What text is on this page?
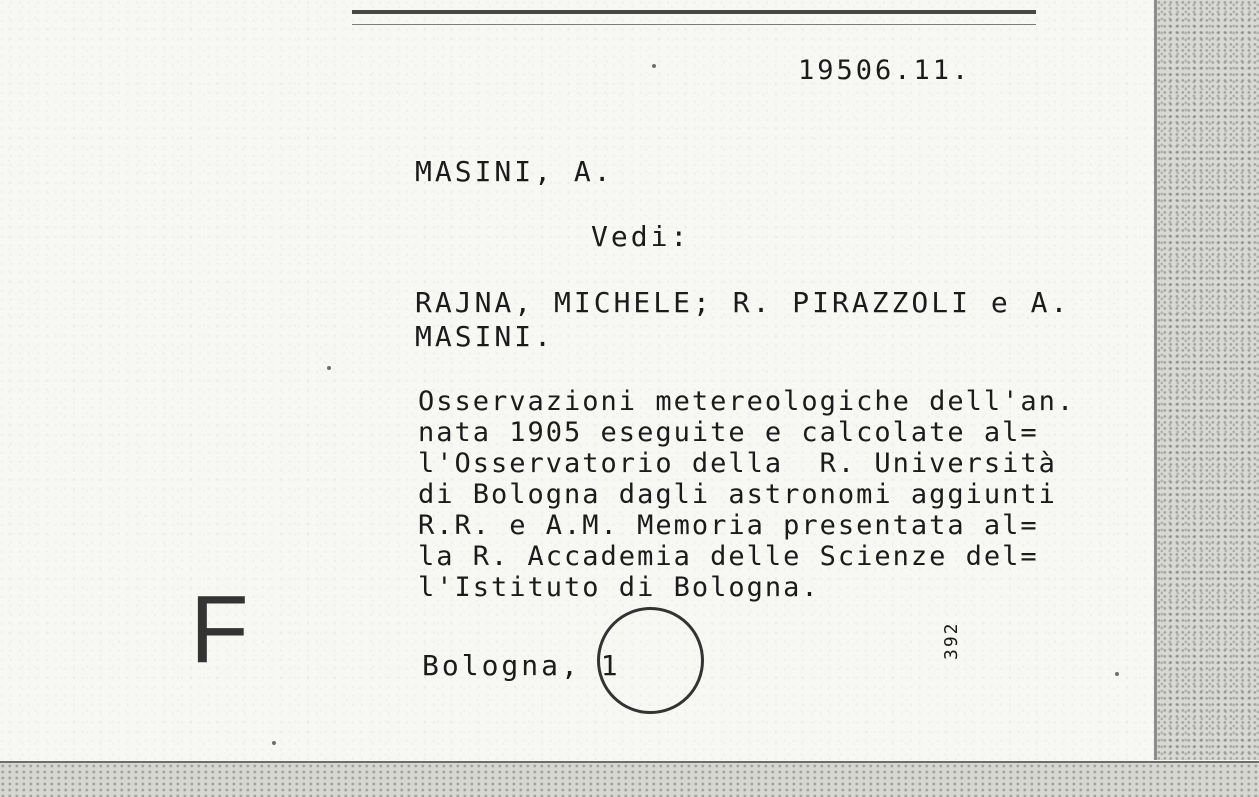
19506.11.
MASINI, A.
Vedi:
RAJNA, MICHELE; R. PIRAZZOLI e A.
MASINI.
Osservazioni metereologiche dell'an.
nata 1905 eseguite e calcolate al=
l'Osservatorio della  R. Università
di Bologna dagli astronomi aggiunti
R.R. e A.M. Memoria presentata al=
la R. Accademia delle Scienze del=
l'Istituto di Bologna.
Bologna, 1
F	392
